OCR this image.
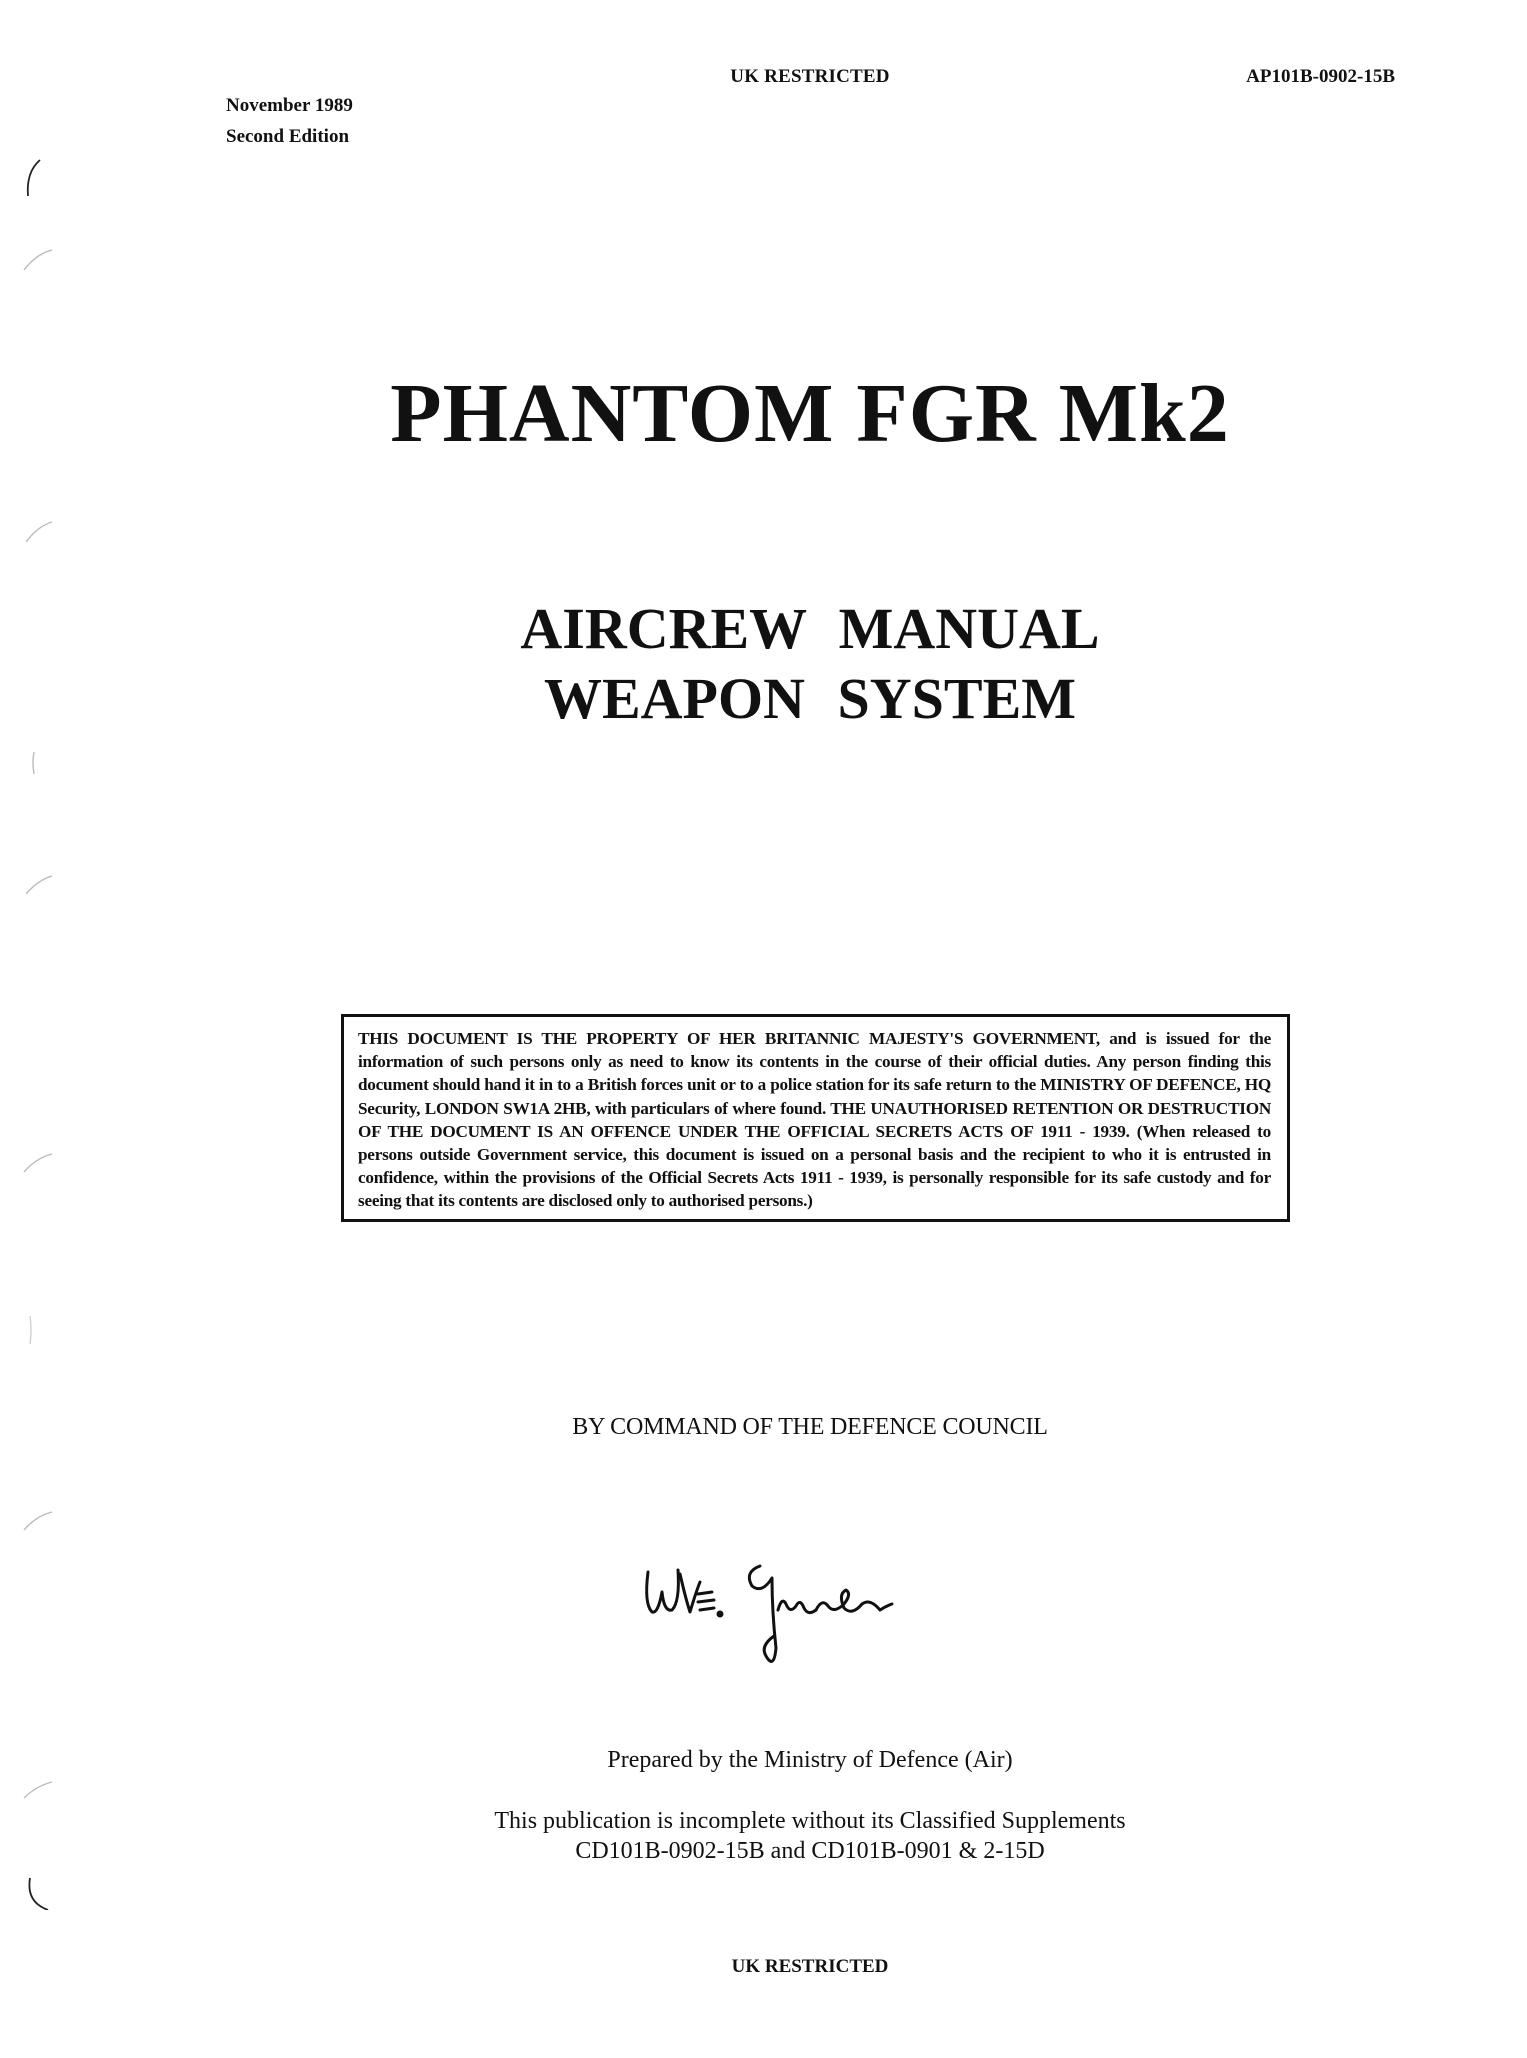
November 1989
Second Edition
UK RESTRICTED	AP101B-0902-15B
PHANTOM FGR Mk2
AIRCREW MANUAL
WEAPON SYSTEM
THIS DOCUMENT IS THE PROPERTY OF HER BRITANNIC MAJESTY'S GOVERNMENT, and is issued for the information of such persons only as need to know its contents in the course of their official duties. Any person finding this document should hand it in to a British forces unit or to a police station for its safe return to the MINISTRY OF DEFENCE, HQ Security, LONDON SW1A 2HB, with particulars of where found. THE UNAUTHORISED RETENTION OR DESTRUCTION OF THE DOCUMENT IS AN OFFENCE UNDER THE OFFICIAL SECRETS ACTS OF 1911 - 1939. (When released to persons outside Government service, this document is issued on a personal basis and the recipient to who it is entrusted in confidence, within the provisions of the Official Secrets Acts 1911 - 1939, is personally responsible for its safe custody and for seeing that its contents are disclosed only to authorised persons.)
BY COMMAND OF THE DEFENCE COUNCIL
Prepared by the Ministry of Defence (Air)
This publication is incomplete without its Classified Supplements
CD101B-0902-15B and CD101B-0901 & 2-15D
UK RESTRICTED
